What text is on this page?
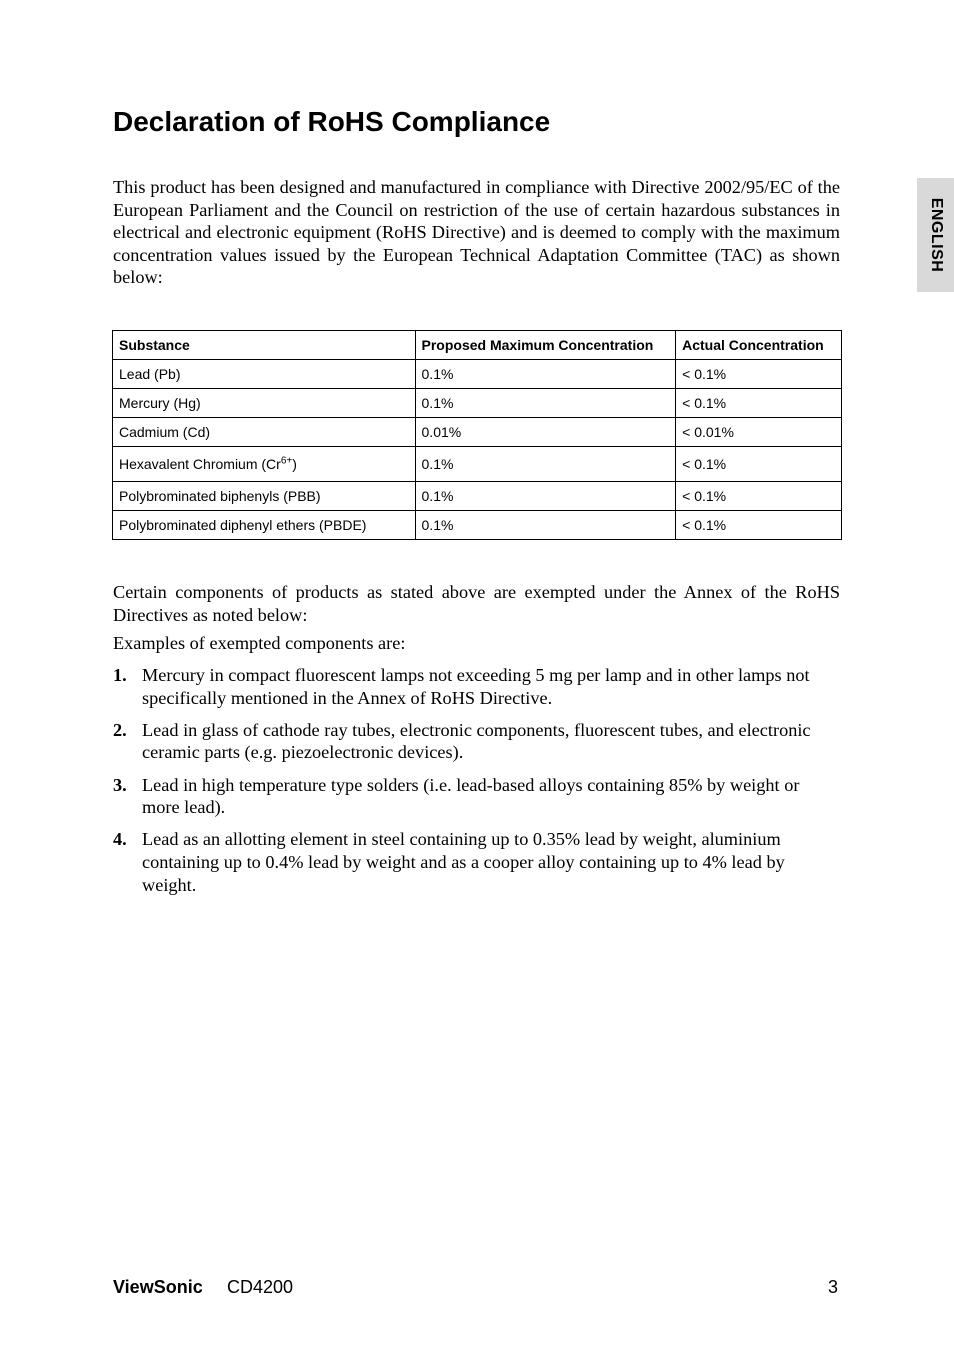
Declaration of RoHS Compliance
ENGLISH

This product has been designed and manufactured in compliance with Directive 2002/95/EC of the European Parliament and the Council on restriction of the use of certain hazardous substances in electrical and electronic equipment (RoHS Directive) and is deemed to comply with the maximum concentration values issued by the European Technical Adaptation Committee (TAC) as shown below:

Substance	Proposed Maximum Concentration	Actual Concentration
Lead (Pb)	0.1%	< 0.1%
Mercury (Hg)	0.1%	< 0.1%
Cadmium (Cd)	0.01%	< 0.01%
Hexavalent Chromium $(Cr^{6+})$	0.1%	< 0.1%
Polybrominated biphenyls (PBB)	0.1%	< 0.1%
Polybrominated diphenyl ethers (PBDE)	0.1%	< 0.1%

Certain components of products as stated above are exempted under the Annex of the RoHS Directives as noted below:

Examples of exempted components are:

1. Mercury in compact fluorescent lamps not exceeding 5 mg per lamp and in other lamps not specifically mentioned in the Annex of RoHS Directive.
2. Lead in glass of cathode ray tubes, electronic components, fluorescent tubes, and electronic ceramic parts (e.g. piezoelectronic devices).
3. Lead in high temperature type solders (i.e. lead-based alloys containing 85% by weight or more lead).
4. Lead as an allotting element in steel containing up to 0.35% lead by weight, aluminium containing up to 0.4% lead by weight and as a cooper alloy containing up to 4% lead by weight.
ViewSonic CD4200	3
